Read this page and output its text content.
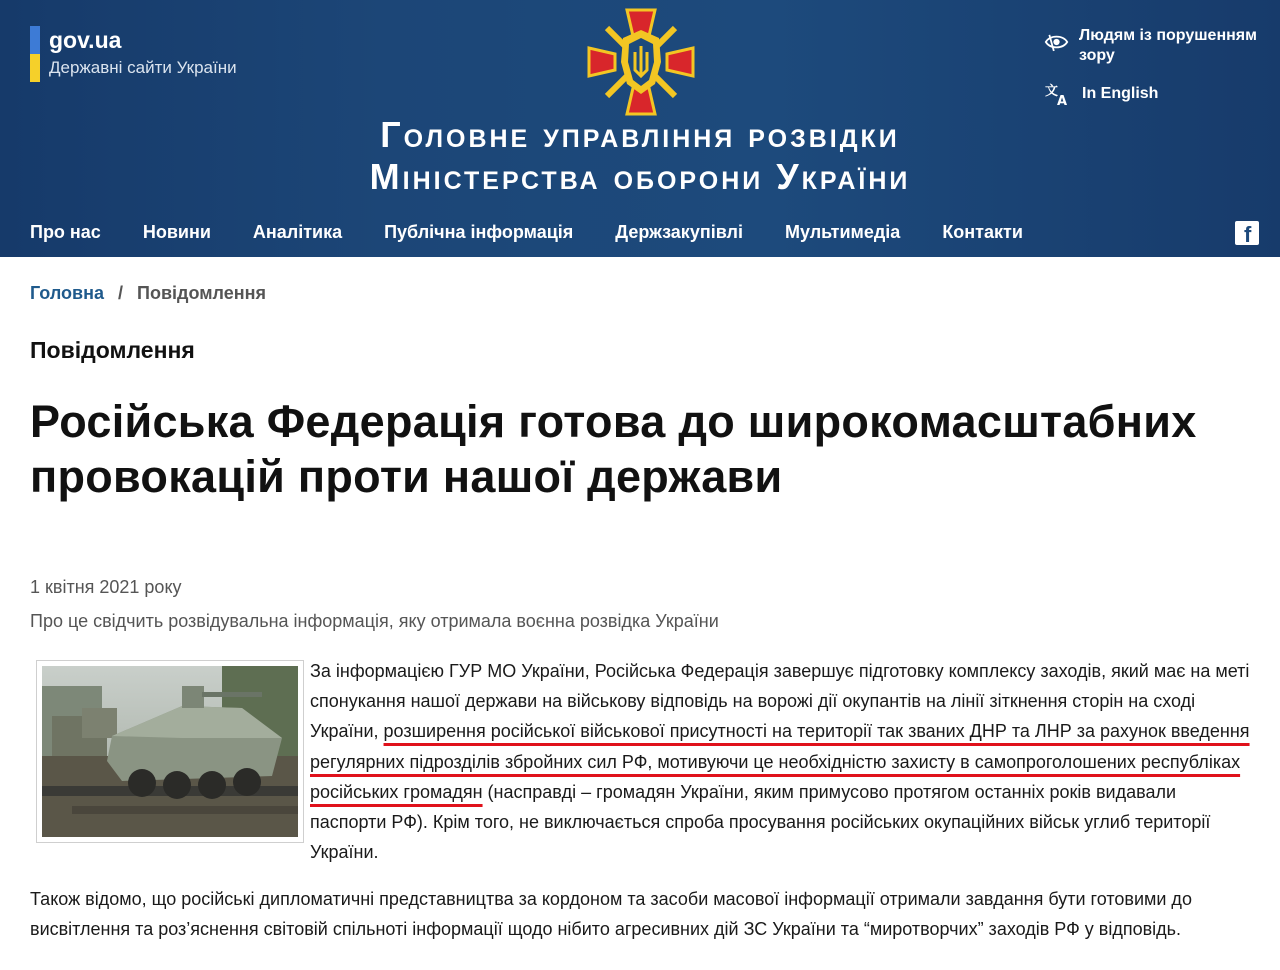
gov.ua
Державні сайти України
Головне управління розвідки
Міністерства оборони України
Людям із порушенням зору
文
A In English
Про нас Новини Аналітика Публічна інформація Держзакупівлі Мультимедіа Контакти	f
Головна / Повідомлення
Повідомлення
Російська Федерація готова до широкомасштабних провокацій проти нашої держави
1 квітня 2021 року
Про це свідчить розвідувальна інформація, яку отримала воєнна розвідка України

За інформацією ГУР МО України, Російська Федерація завершує підготовку комплексу заходів, який має на меті спонукання нашої держави на військову відповідь на ворожі дії окупантів на лінії зіткнення сторін на сході України, розширення російської військової присутності на території так званих ДНР та ЛНР за рахунок введення регулярних підрозділів збройних сил РФ, мотивуючи це необхідністю захисту в самопроголошених республіках російських громадян (насправді – громадян України, яким примусово протягом останніх років видавали паспорти РФ). Крім того, не виключається спроба просування російських окупаційних військ углиб території України.

Також відомо, що російські дипломатичні представництва за кордоном та засоби масової інформації отримали завдання бути готовими до висвітлення та роз’яснення світовій спільноті інформації щодо нібито агресивних дій ЗС України та “миротворчих” заходів РФ у відповідь.
